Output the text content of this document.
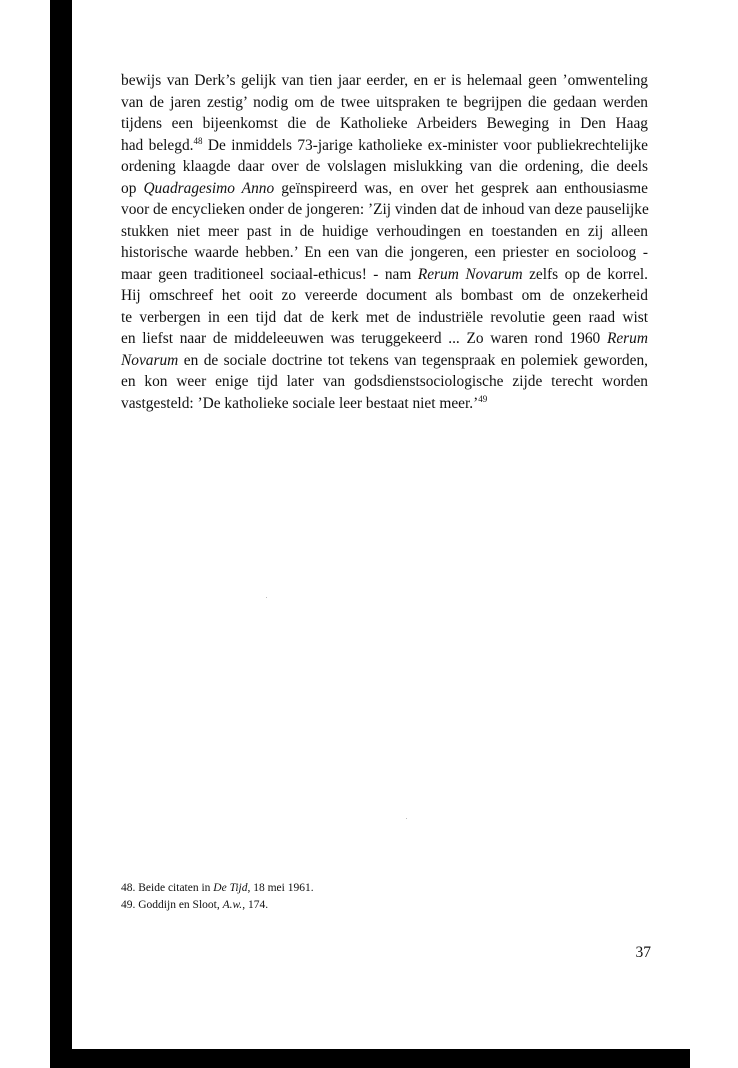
bewijs van Derk’s gelijk van tien jaar eerder, en er is helemaal geen ’omwenteling
van de jaren zestig’ nodig om de twee uitspraken te begrijpen die gedaan werden
tijdens een bijeenkomst die de Katholieke Arbeiders Beweging in Den Haag
had belegd.$^{48}$ De inmiddels 73-jarige katholieke ex-minister voor publiekrechtelijke
ordening klaagde daar over de volslagen mislukking van die ordening, die deels
op Quadragesimo Anno geïnspireerd was, en over het gesprek aan enthousiasme
voor de encyclieken onder de jongeren: ’Zij vinden dat de inhoud van deze pauselijke
stukken niet meer past in de huidige verhoudingen en toestanden en zij alleen
historische waarde hebben.’ En een van die jongeren, een priester en socioloog -
maar geen traditioneel sociaal-ethicus! - nam Rerum Novarum zelfs op de korrel.
Hij omschreef het ooit zo vereerde document als bombast om de onzekerheid
te verbergen in een tijd dat de kerk met de industriële revolutie geen raad wist
en liefst naar de middeleeuwen was teruggekeerd ... Zo waren rond 1960 Rerum
Novarum en de sociale doctrine tot tekens van tegenspraak en polemiek geworden,
en kon weer enige tijd later van godsdienstsociologische zijde terecht worden
vastgesteld: ’De katholieke sociale leer bestaat niet meer.’$^{49}$
48. Beide citaten in De Tijd, 18 mei 1961.
49. Goddijn en Sloot, A.w., 174.
37
